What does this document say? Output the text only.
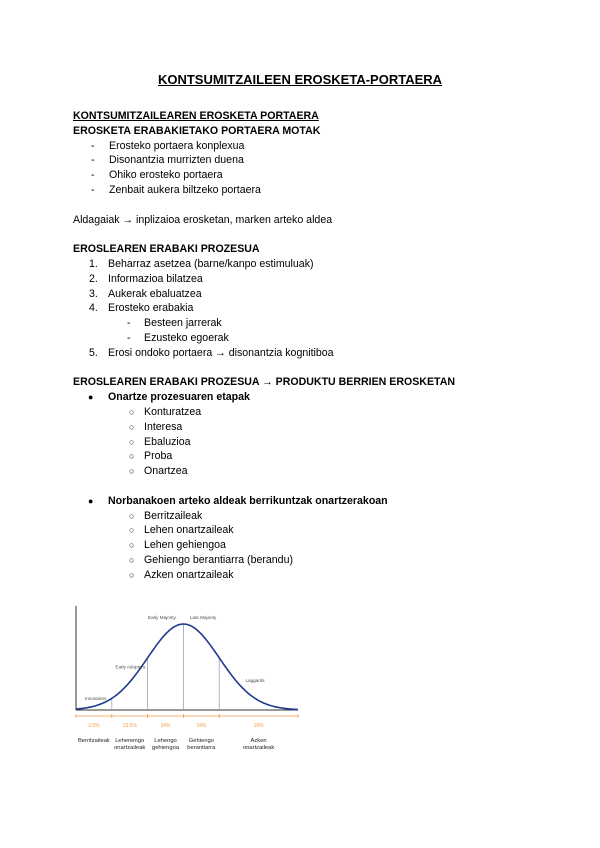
KONTSUMITZAILEEN EROSKETA-PORTAERA
KONTSUMITZAILEAREN EROSKETA PORTAERA
EROSKETA ERABAKIETAKO PORTAERA MOTAK
- Erosteko portaera konplexua
- Disonantzia murrizten duena
- Ohiko erosteko portaera
- Zenbait aukera biltzeko portaera
Aldagaiak → inplizaioa erosketan, marken arteko aldea
EROSLEAREN ERABAKI PROZESUA
1. Beharraz asetzea (barne/kanpo estimuluak)
2. Informazioa bilatzea
3. Aukerak ebaluatzea
4. Erosteko erabakia
- Besteen jarrerak
- Ezusteko egoerak
5. Erosi ondoko portaera → disonantzia kognitiboa
EROSLEAREN ERABAKI PROZESUA → PRODUKTU BERRIEN EROSKETAN
● Onartze prozesuaren etapak
○ Konturatzea
○ Interesa
○ Ebaluzioa
○ Proba
○ Onartzea
● Norbanakoen arteko aldeak berrikuntzak onartzerakoan
○ Berritzaileak
○ Lehen onartzaileak
○ Lehen gehiengoa
○ Gehiengo berantiarra (berandu)
○ Azken onartzaileak
Innovators
Early Adopters
Early Majority	Late Majority
Laggards
2.5%	13.5%	34%	34%	16%
Berritzaileak Lehenengo
onartzaileak
Lehengo
gehiengoa
Gehiengo
berantiarra
Azken
onartzaileak
